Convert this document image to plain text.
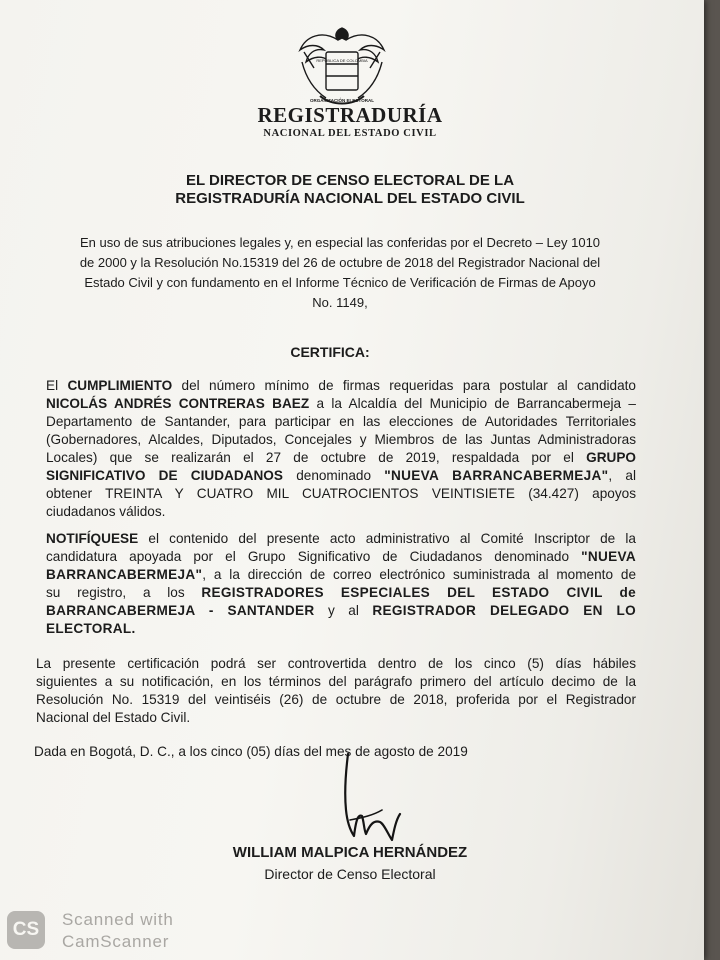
REPÚBLICA DE COLOMBIA
ORGANIZACIÓN ELECTORAL
REGISTRADURÍA
NACIONAL DEL ESTADO CIVIL
EL DIRECTOR DE CENSO ELECTORAL DE LA
REGISTRADURÍA NACIONAL DEL ESTADO CIVIL
En uso de sus atribuciones legales y, en especial las conferidas por el Decreto – Ley 1010
de 2000 y la Resolución No.15319 del 26 de octubre de 2018 del Registrador Nacional del
Estado Civil y con fundamento en el Informe Técnico de Verificación de Firmas de Apoyo
No. 1149,
CERTIFICA:
El CUMPLIMIENTO del número mínimo de firmas requeridas para postular al candidato
NICOLÁS ANDRÉS CONTRERAS BAEZ a la Alcaldía del Municipio de Barrancabermeja –
Departamento de Santander, para participar en las elecciones de Autoridades Territoriales
(Gobernadores, Alcaldes, Diputados, Concejales y Miembros de las Juntas Administradoras
Locales) que se realizarán el 27 de octubre de 2019, respaldada por el GRUPO
SIGNIFICATIVO DE CIUDADANOS denominado "NUEVA BARRANCABERMEJA", al
obtener TREINTA Y CUATRO MIL CUATROCIENTOS VEINTISIETE (34.427) apoyos
ciudadanos válidos.
NOTIFÍQUESE el contenido del presente acto administrativo al Comité Inscriptor de la
candidatura apoyada por el Grupo Significativo de Ciudadanos denominado "NUEVA
BARRANCABERMEJA", a la dirección de correo electrónico suministrada al momento de
su registro, a los REGISTRADORES ESPECIALES DEL ESTADO CIVIL de
BARRANCABERMEJA - SANTANDER y al REGISTRADOR DELEGADO EN LO
ELECTORAL.
La presente certificación podrá ser controvertida dentro de los cinco (5) días hábiles
siguientes a su notificación, en los términos del parágrafo primero del artículo decimo de la
Resolución No. 15319 del veintiséis (26) de octubre de 2018, proferida por el Registrador
Nacional del Estado Civil.
Dada en Bogotá, D. C., a los cinco (05) días del mes de agosto de 2019
WILLIAM MALPICA HERNÁNDEZ
Director de Censo Electoral
CS	Scanned with
CamScanner
